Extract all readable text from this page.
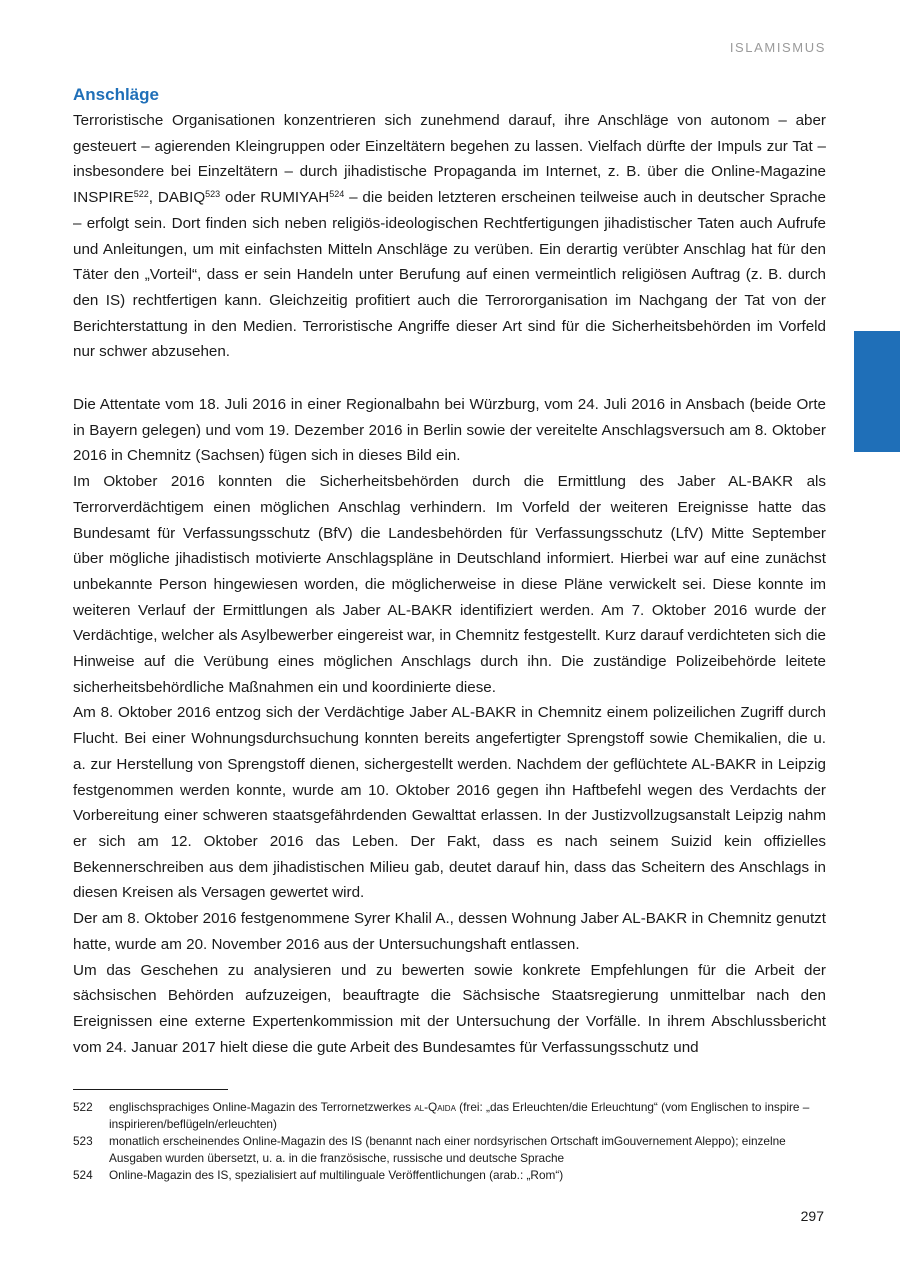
ISLAMISMUS
Anschläge

Terroristische Organisationen konzentrieren sich zunehmend darauf, ihre Anschläge von autonom – aber gesteuert – agierenden Kleingruppen oder Einzeltätern begehen zu lassen. Vielfach dürfte der Impuls zur Tat – insbesondere bei Einzeltätern – durch jihadistische Propaganda im Internet, z. B. über die Online-Magazine INSPIRE$^{522}$, DABIQ$^{523}$ oder RUMIYAH$^{524}$ – die beiden letzteren erscheinen teilweise auch in deutscher Sprache – erfolgt sein. Dort finden sich neben religiös-ideologischen Rechtfertigungen jihadistischer Taten auch Aufrufe und Anleitungen, um mit einfachsten Mitteln Anschläge zu verüben. Ein derartig verübter Anschlag hat für den Täter den „Vorteil“, dass er sein Handeln unter Berufung auf einen vermeintlich religiösen Auftrag (z. B. durch den IS) rechtfertigen kann. Gleichzeitig profitiert auch die Terrororganisation im Nachgang der Tat von der Berichterstattung in den Medien. Terroristische Angriffe dieser Art sind für die Sicherheitsbehörden im Vorfeld nur schwer abzusehen.

Die Attentate vom 18. Juli 2016 in einer Regionalbahn bei Würzburg, vom 24. Juli 2016 in Ansbach (beide Orte in Bayern gelegen) und vom 19. Dezember 2016 in Berlin sowie der vereitelte Anschlagsversuch am 8. Oktober 2016 in Chemnitz (Sachsen) fügen sich in dieses Bild ein.

Im Oktober 2016 konnten die Sicherheitsbehörden durch die Ermittlung des Jaber AL-BAKR als Terrorverdächtigem einen möglichen Anschlag verhindern. Im Vorfeld der weiteren Ereignisse hatte das Bundesamt für Verfassungsschutz (BfV) die Landesbehörden für Verfassungsschutz (LfV) Mitte September über mögliche jihadistisch motivierte Anschlagspläne in Deutschland informiert. Hierbei war auf eine zunächst unbekannte Person hingewiesen worden, die möglicherweise in diese Pläne verwickelt sei. Diese konnte im weiteren Verlauf der Ermittlungen als Jaber AL-BAKR identifiziert werden. Am 7. Oktober 2016 wurde der Verdächtige, welcher als Asylbewerber eingereist war, in Chemnitz festgestellt. Kurz darauf verdichteten sich die Hinweise auf die Verübung eines möglichen Anschlags durch ihn. Die zuständige Polizeibehörde leitete sicherheitsbehördliche Maßnahmen ein und koordinierte diese.

Am 8. Oktober 2016 entzog sich der Verdächtige Jaber AL-BAKR in Chemnitz einem polizeilichen Zugriff durch Flucht. Bei einer Wohnungsdurchsuchung konnten bereits angefertigter Sprengstoff sowie Chemikalien, die u. a. zur Herstellung von Sprengstoff dienen, sichergestellt werden. Nachdem der geflüchtete AL-BAKR in Leipzig festgenommen werden konnte, wurde am 10. Oktober 2016 gegen ihn Haftbefehl wegen des Verdachts der Vorbereitung einer schweren staatsgefährdenden Gewalttat erlassen. In der Justizvollzugsanstalt Leipzig nahm er sich am 12. Oktober 2016 das Leben. Der Fakt, dass es nach seinem Suizid kein offizielles Bekennerschreiben aus dem jihadistischen Milieu gab, deutet darauf hin, dass das Scheitern des Anschlags in diesen Kreisen als Versagen gewertet wird.

Der am 8. Oktober 2016 festgenommene Syrer Khalil A., dessen Wohnung Jaber AL-BAKR in Chemnitz genutzt hatte, wurde am 20. November 2016 aus der Untersuchungshaft entlassen.

Um das Geschehen zu analysieren und zu bewerten sowie konkrete Empfehlungen für die Arbeit der sächsischen Behörden aufzuzeigen, beauftragte die Sächsische Staatsregierung unmittelbar nach den Ereignissen eine externe Expertenkommission mit der Untersuchung der Vorfälle. In ihrem Abschlussbericht vom 24. Januar 2017 hielt diese die gute Arbeit des Bundesamtes für Verfassungsschutz und

522	englischsprachiges Online-Magazin des Terrornetzwerkes al-Qaida (frei: „das Erleuchten/die Erleuchtung“ (vom Englischen to inspire – inspirieren/beflügeln/erleuchten)
523	monatlich erscheinendes Online-Magazin des IS (benannt nach einer nordsyrischen Ortschaft imGouvernement Aleppo); einzelne Ausgaben wurden übersetzt, u. a. in die französische, russische und deutsche Sprache
524	Online-Magazin des IS, spezialisiert auf multilinguale Veröffentlichungen (arab.: „Rom“)
297
